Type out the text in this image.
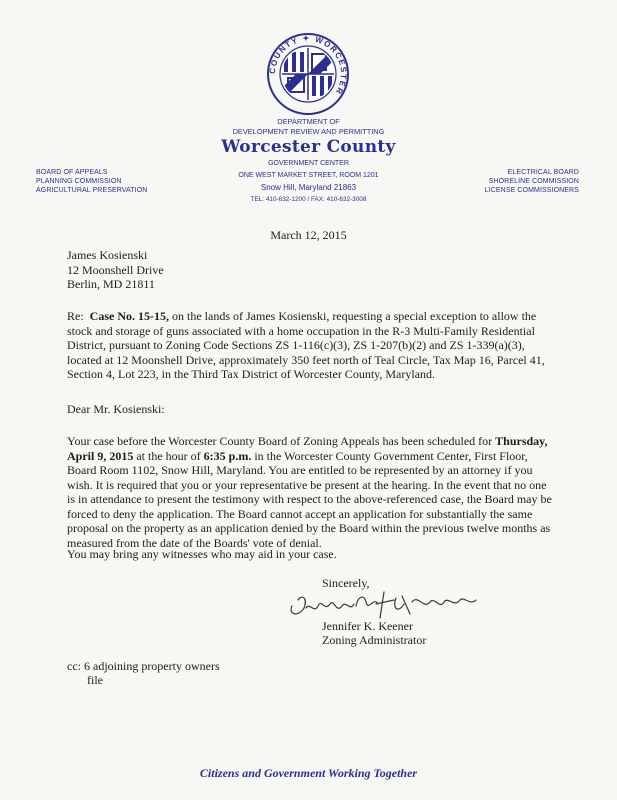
COUNTY ✦ WORCESTER
DEPARTMENT OF
DEVELOPMENT REVIEW AND PERMITTING
Worcester County
GOVERNMENT CENTER
ONE WEST MARKET STREET, ROOM 1201
Snow Hill, Maryland 21863
TEL: 410-632-1200 / FAX: 410-632-3008
BOARD OF APPEALS
PLANNING COMMISSION
AGRICULTURAL PRESERVATION
ELECTRICAL BOARD
SHORELINE COMMISSION
LICENSE COMMISSIONERS
March 12, 2015
James Kosienski
12 Moonshell Drive
Berlin, MD 21811
Re: Case No. 15-15, on the lands of James Kosienski, requesting a special exception to allow the stock and storage of guns associated with a home occupation in the R-3 Multi-Family Residential District, pursuant to Zoning Code Sections ZS 1-116(c)(3), ZS 1-207(b)(2) and ZS 1-339(a)(3), located at 12 Moonshell Drive, approximately 350 feet north of Teal Circle, Tax Map 16, Parcel 41, Section 4, Lot 223, in the Third Tax District of Worcester County, Maryland.
Dear Mr. Kosienski:
Your case before the Worcester County Board of Zoning Appeals has been scheduled for Thursday, April 9, 2015 at the hour of 6:35 p.m. in the Worcester County Government Center, First Floor, Board Room 1102, Snow Hill, Maryland. You are entitled to be represented by an attorney if you wish. It is required that you or your representative be present at the hearing. In the event that no one is in attendance to present the testimony with respect to the above-referenced case, the Board may be forced to deny the application. The Board cannot accept an application for substantially the same proposal on the property as an application denied by the Board within the previous twelve months as measured from the date of the Boards' vote of denial.
You may bring any witnesses who may aid in your case.
Sincerely,
Jennifer K. Keener
Zoning Administrator
cc: 6 adjoining property owners
file
Citizens and Government Working Together
